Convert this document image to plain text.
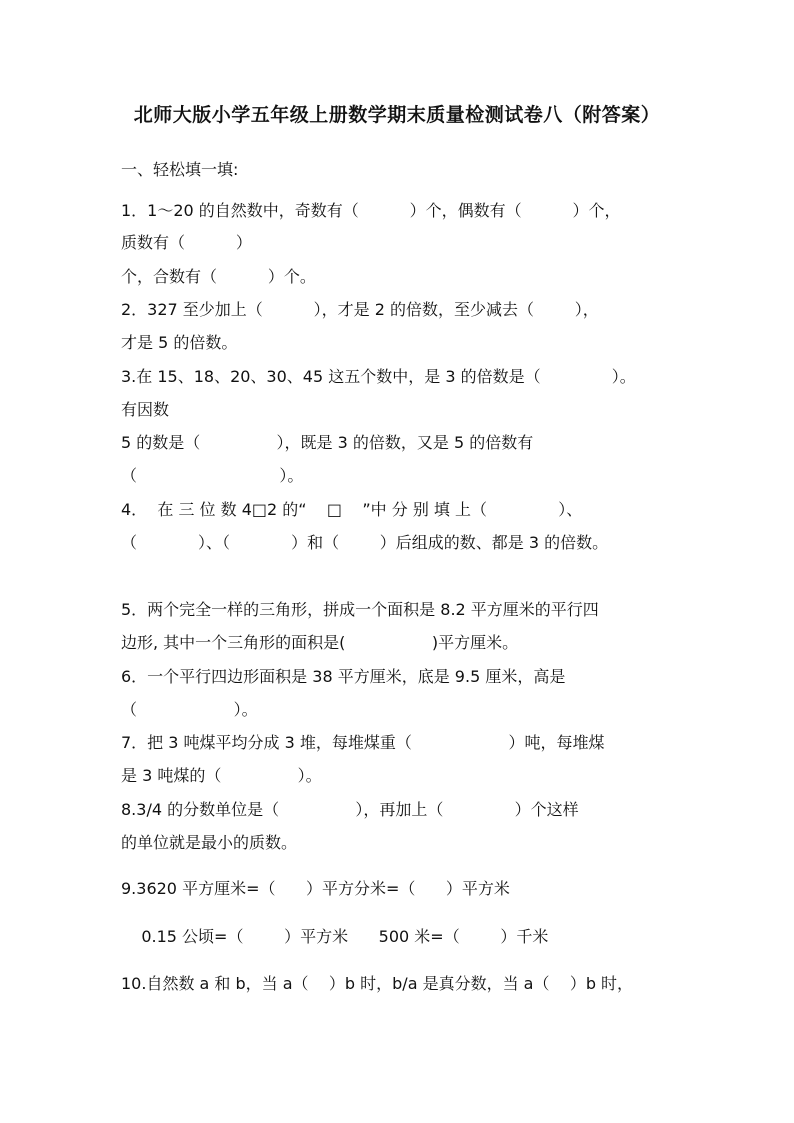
北师大版小学五年级上册数学期末质量检测试卷八（附答案）
一、轻松填一填:
1．1～20 的自然数中，奇数有（          ）个，偶数有（          ）个，
质数有（          ）
个，合数有（          ）个。
2．327 至少加上（          ），才是 2 的倍数，至少减去（        ），
才是 5 的倍数。
3.在 15、18、20、30、45 这五个数中，是 3 的倍数是（              ）。
有因数
5 的数是（               ），既是 3 的倍数，又是 5 的倍数有
（                            ）。
4．  在 三 位 数 4□2 的“    □    ”中 分 别 填 上（              ）、
（            ）、（            ）和（        ）后组成的数、都是 3 的倍数。
5．两个完全一样的三角形，拼成一个面积是 8.2 平方厘米的平行四
边形, 其中一个三角形的面积是(                 )平方厘米。
6．一个平行四边形面积是 38 平方厘米，底是 9.5 厘米，高是
（                   ）。
7．把 3 吨煤平均分成 3 堆，每堆煤重（                   ）吨，每堆煤
是 3 吨煤的（               ）。
8.3/4 的分数单位是（               ），再加上（              ）个这样
的单位就是最小的质数。
9.3620 平方厘米=（      ）平方分米=（      ）平方米
0.15 公顷=（        ）平方米      500 米=（        ）千米
10.自然数 a 和 b，当 a（    ）b 时，b/a 是真分数，当 a（    ）b 时，
